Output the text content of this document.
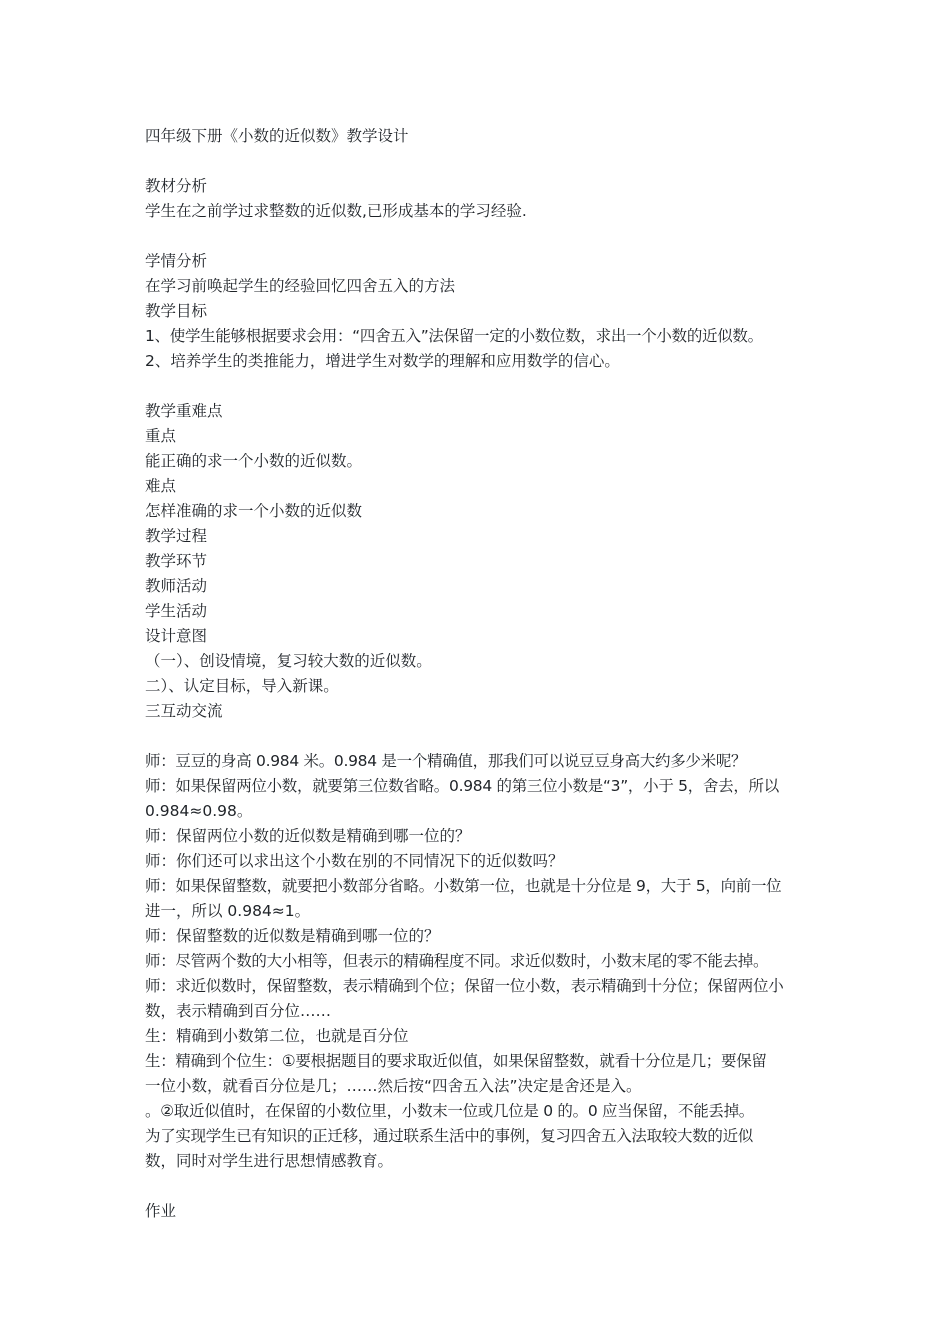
四年级下册《小数的近似数》教学设计
教材分析
学生在之前学过求整数的近似数,已形成基本的学习经验.
学情分析
在学习前唤起学生的经验回忆四舍五入的方法
教学目标
1、使学生能够根据要求会用：“四舍五入”法保留一定的小数位数，求出一个小数的近似数。
2、培养学生的类推能力，增进学生对数学的理解和应用数学的信心。
教学重难点
重点
能正确的求一个小数的近似数。
难点
怎样准确的求一个小数的近似数
教学过程
教学环节
教师活动
学生活动
设计意图
（一）、创设情境，复习较大数的近似数。
二）、认定目标，导入新课。
三互动交流
师：豆豆的身高 0.984 米。0.984 是一个精确值，那我们可以说豆豆身高大约多少米呢？
师：如果保留两位小数，就要第三位数省略。0.984 的第三位小数是“3”，小于 5，舍去，所以
0.984≈0.98。
师：保留两位小数的近似数是精确到哪一位的？
师：你们还可以求出这个小数在别的不同情况下的近似数吗？
师：如果保留整数，就要把小数部分省略。小数第一位，也就是十分位是 9，大于 5，向前一位
进一，所以 0.984≈1。
师：保留整数的近似数是精确到哪一位的？
师：尽管两个数的大小相等，但表示的精确程度不同。求近似数时，小数末尾的零不能去掉。
师：求近似数时，保留整数，表示精确到个位；保留一位小数，表示精确到十分位；保留两位小
数，表示精确到百分位……
生：精确到小数第二位，也就是百分位
生：精确到个位生：①要根据题目的要求取近似值，如果保留整数，就看十分位是几；要保留
一位小数，就看百分位是几；……然后按“四舍五入法”决定是舍还是入。
。②取近似值时，在保留的小数位里，小数末一位或几位是 0 的。0 应当保留，不能丢掉。
为了实现学生已有知识的正迁移，通过联系生活中的事例，复习四舍五入法取较大数的近似
数，同时对学生进行思想情感教育。
作业
